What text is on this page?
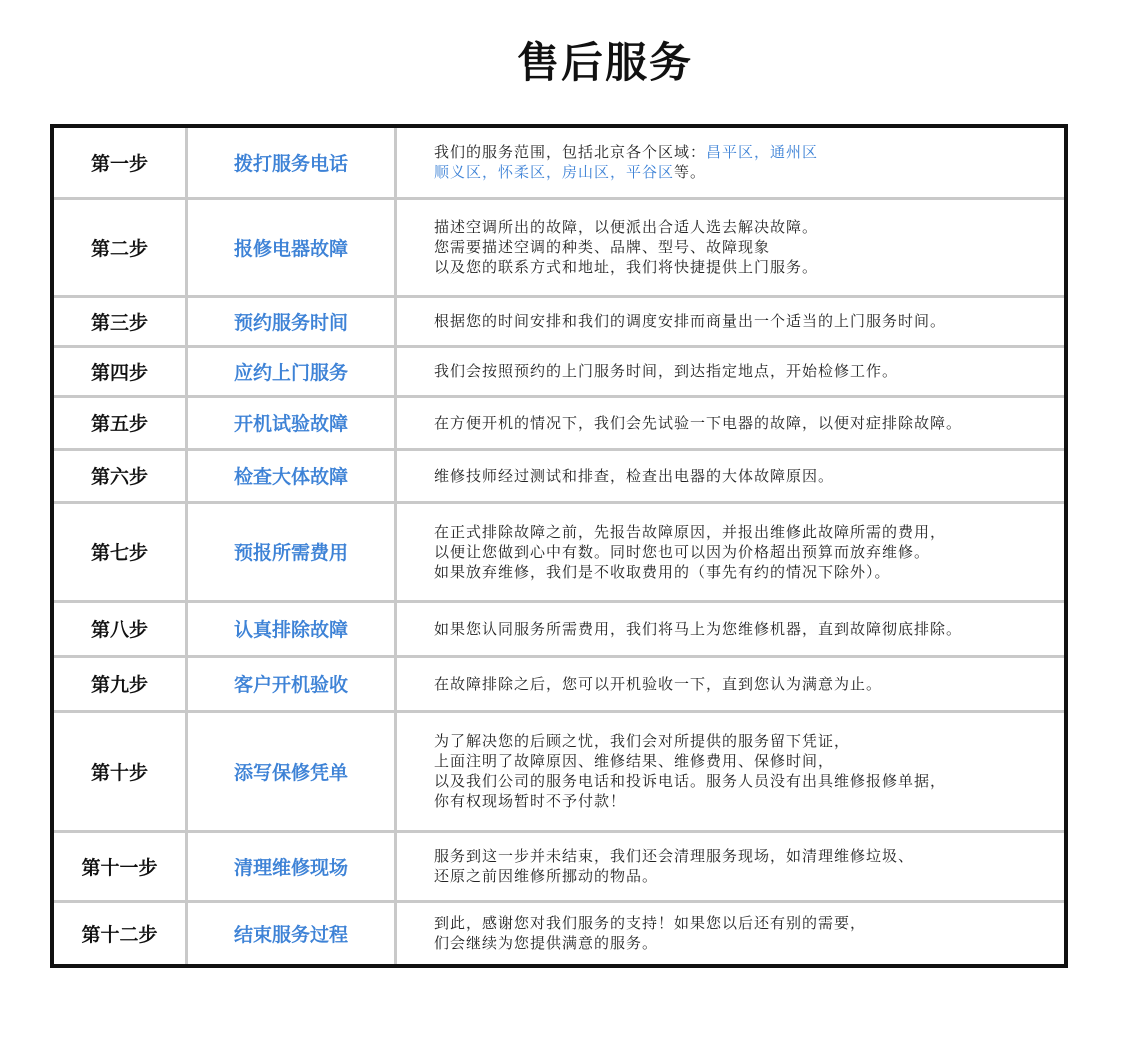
售后服务
第一步	拨打服务电话	我们的服务范围，包括北京各个区域：昌平区，通州区
顺义区，怀柔区，房山区，平谷区等。

第二步	报修电器故障	描述空调所出的故障，以便派出合适人选去解决故障。
您需要描述空调的种类、品牌、型号、故障现象
以及您的联系方式和地址，我们将快捷提供上门服务。

第三步	预约服务时间	根据您的时间安排和我们的调度安排而商量出一个适当的上门服务时间。

第四步	应约上门服务	我们会按照预约的上门服务时间，到达指定地点，开始检修工作。

第五步	开机试验故障	在方便开机的情况下，我们会先试验一下电器的故障，以便对症排除故障。

第六步	检查大体故障	维修技师经过测试和排查，检查出电器的大体故障原因。

第七步	预报所需费用	在正式排除故障之前，先报告故障原因，并报出维修此故障所需的费用，
以便让您做到心中有数。同时您也可以因为价格超出预算而放弃维修。
如果放弃维修，我们是不收取费用的（事先有约的情况下除外）。

第八步	认真排除故障	如果您认同服务所需费用，我们将马上为您维修机器，直到故障彻底排除。

第九步	客户开机验收	在故障排除之后，您可以开机验收一下，直到您认为满意为止。

第十步	添写保修凭单	为了解决您的后顾之忧，我们会对所提供的服务留下凭证，
上面注明了故障原因、维修结果、维修费用、保修时间，
以及我们公司的服务电话和投诉电话。服务人员没有出具维修报修单据，
你有权现场暂时不予付款！

第十一步	清理维修现场	服务到这一步并未结束，我们还会清理服务现场，如清理维修垃圾、
还原之前因维修所挪动的物品。

第十二步	结束服务过程	到此，感谢您对我们服务的支持！如果您以后还有别的需要，
们会继续为您提供满意的服务。
